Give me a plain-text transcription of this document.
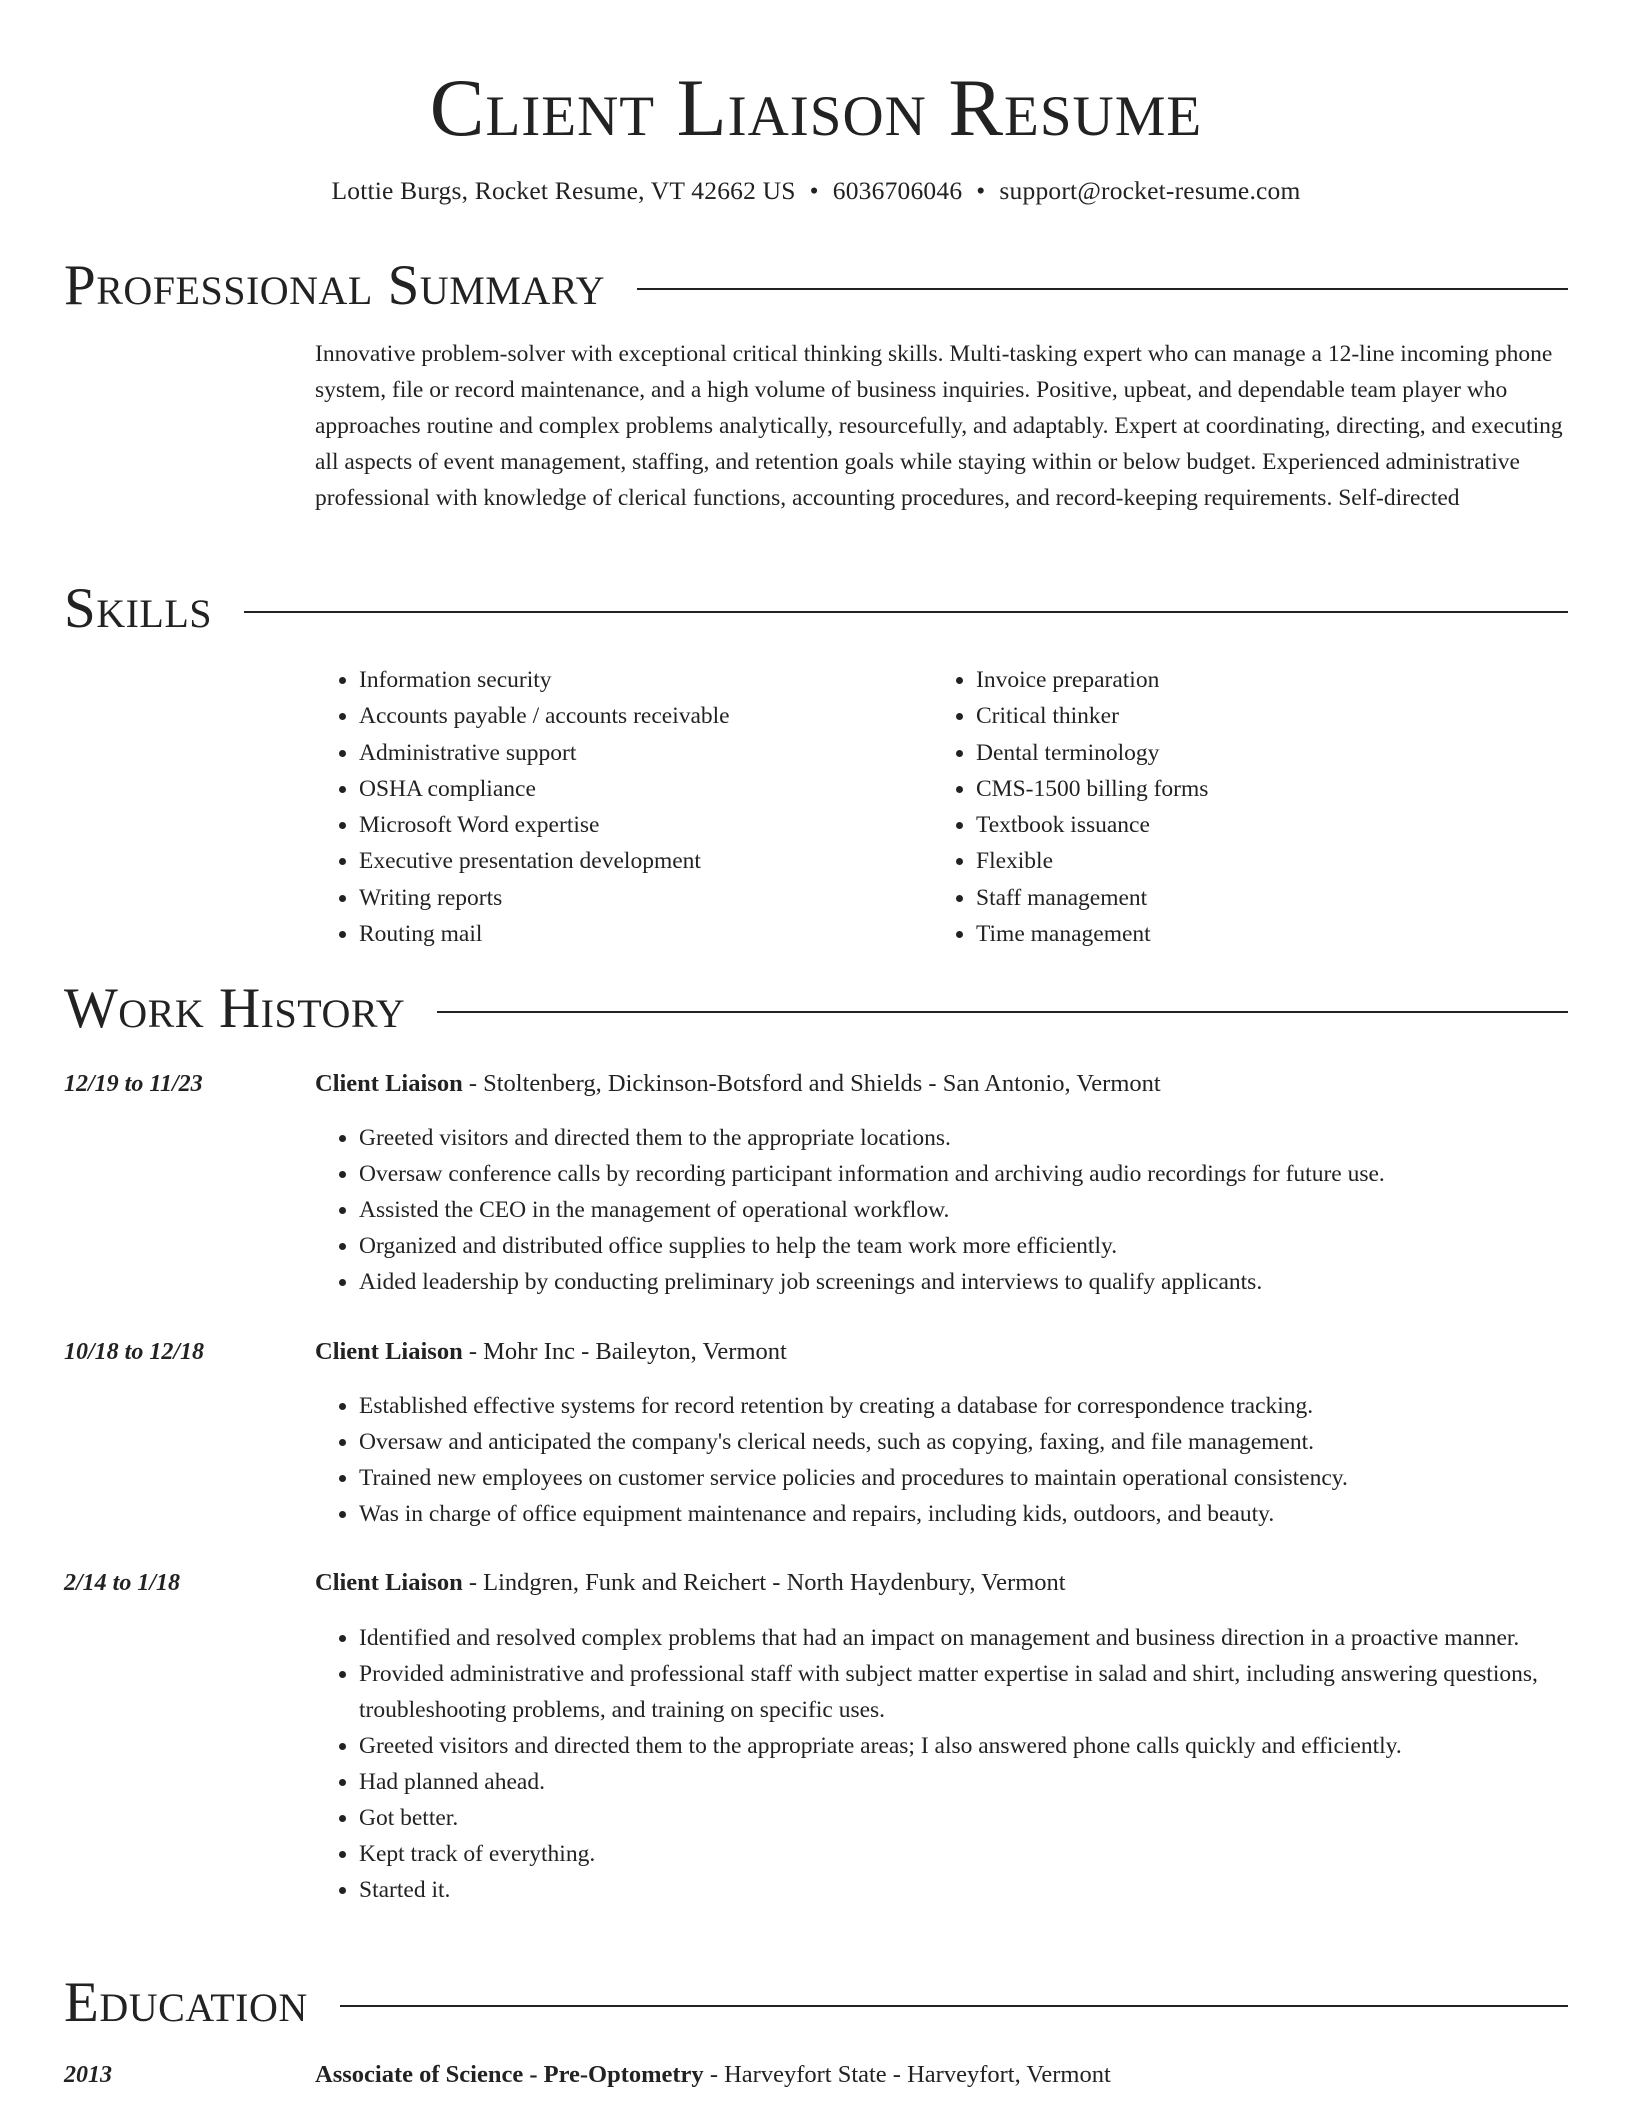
Client Liaison Resume
Lottie Burgs, Rocket Resume, VT 42662 US • 6036706046 • support@rocket-resume.com
Professional Summary
Innovative problem-solver with exceptional critical thinking skills. Multi-tasking expert who can manage a 12-line incoming phone system, file or record maintenance, and a high volume of business inquiries. Positive, upbeat, and dependable team player who approaches routine and complex problems analytically, resourcefully, and adaptably. Expert at coordinating, directing, and executing all aspects of event management, staffing, and retention goals while staying within or below budget. Experienced administrative professional with knowledge of clerical functions, accounting procedures, and record-keeping requirements. Self-directed
Skills
• Information security
• Accounts payable / accounts receivable
• Administrative support
• OSHA compliance
• Microsoft Word expertise
• Executive presentation development
• Writing reports
• Routing mail
• Invoice preparation
• Critical thinker
• Dental terminology
• CMS-1500 billing forms
• Textbook issuance
• Flexible
• Staff management
• Time management
Work History
12/19 to 11/23	Client Liaison - Stoltenberg, Dickinson-Botsford and Shields - San Antonio, Vermont
• Greeted visitors and directed them to the appropriate locations.
• Oversaw conference calls by recording participant information and archiving audio recordings for future use.
• Assisted the CEO in the management of operational workflow.
• Organized and distributed office supplies to help the team work more efficiently.
• Aided leadership by conducting preliminary job screenings and interviews to qualify applicants.
10/18 to 12/18	Client Liaison - Mohr Inc - Baileyton, Vermont
• Established effective systems for record retention by creating a database for correspondence tracking.
• Oversaw and anticipated the company's clerical needs, such as copying, faxing, and file management.
• Trained new employees on customer service policies and procedures to maintain operational consistency.
• Was in charge of office equipment maintenance and repairs, including kids, outdoors, and beauty.
2/14 to 1/18	Client Liaison - Lindgren, Funk and Reichert - North Haydenbury, Vermont
• Identified and resolved complex problems that had an impact on management and business direction in a proactive manner.
• Provided administrative and professional staff with subject matter expertise in salad and shirt, including answering questions, troubleshooting problems, and training on specific uses.
• Greeted visitors and directed them to the appropriate areas; I also answered phone calls quickly and efficiently.
• Had planned ahead.
• Got better.
• Kept track of everything.
• Started it.
Education
2013	Associate of Science - Pre-Optometry - Harveyfort State - Harveyfort, Vermont
